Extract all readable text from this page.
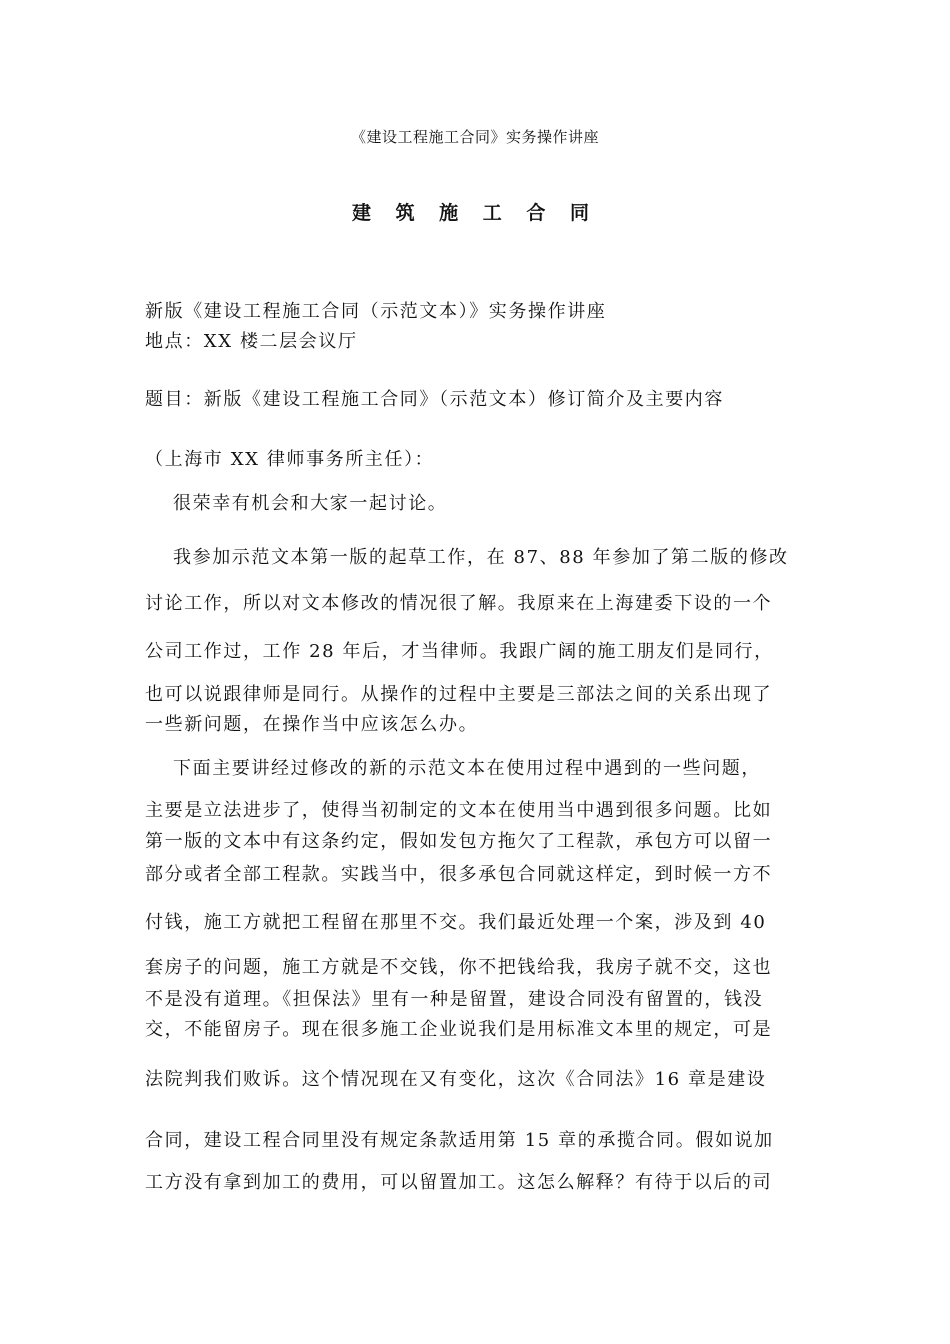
《建设工程施工合同》实务操作讲座
建 筑 施 工 合 同
新版《建设工程施工合同（示范文本）》实务操作讲座
地点：XX 楼二层会议厅
题目：新版《建设工程施工合同》（示范文本）修订简介及主要内容
（上海市 XX 律师事务所主任）：
很荣幸有机会和大家一起讨论。
我参加示范文本第一版的起草工作，在 87、88 年参加了第二版的修改
讨论工作，所以对文本修改的情况很了解。我原来在上海建委下设的一个
公司工作过，工作 28 年后，才当律师。我跟广阔的施工朋友们是同行，
也可以说跟律师是同行。从操作的过程中主要是三部法之间的关系出现了
一些新问题，在操作当中应该怎么办。
下面主要讲经过修改的新的示范文本在使用过程中遇到的一些问题，
主要是立法进步了，使得当初制定的文本在使用当中遇到很多问题。比如
第一版的文本中有这条约定，假如发包方拖欠了工程款，承包方可以留一
部分或者全部工程款。实践当中，很多承包合同就这样定，到时候一方不
付钱，施工方就把工程留在那里不交。我们最近处理一个案，涉及到 40
套房子的问题，施工方就是不交钱，你不把钱给我，我房子就不交，这也
不是没有道理。《担保法》里有一种是留置，建设合同没有留置的，钱没
交，不能留房子。现在很多施工企业说我们是用标准文本里的规定，可是
法院判我们败诉。这个情况现在又有变化，这次《合同法》16 章是建设
合同，建设工程合同里没有规定条款适用第 15 章的承揽合同。假如说加
工方没有拿到加工的费用，可以留置加工。这怎么解释？有待于以后的司
